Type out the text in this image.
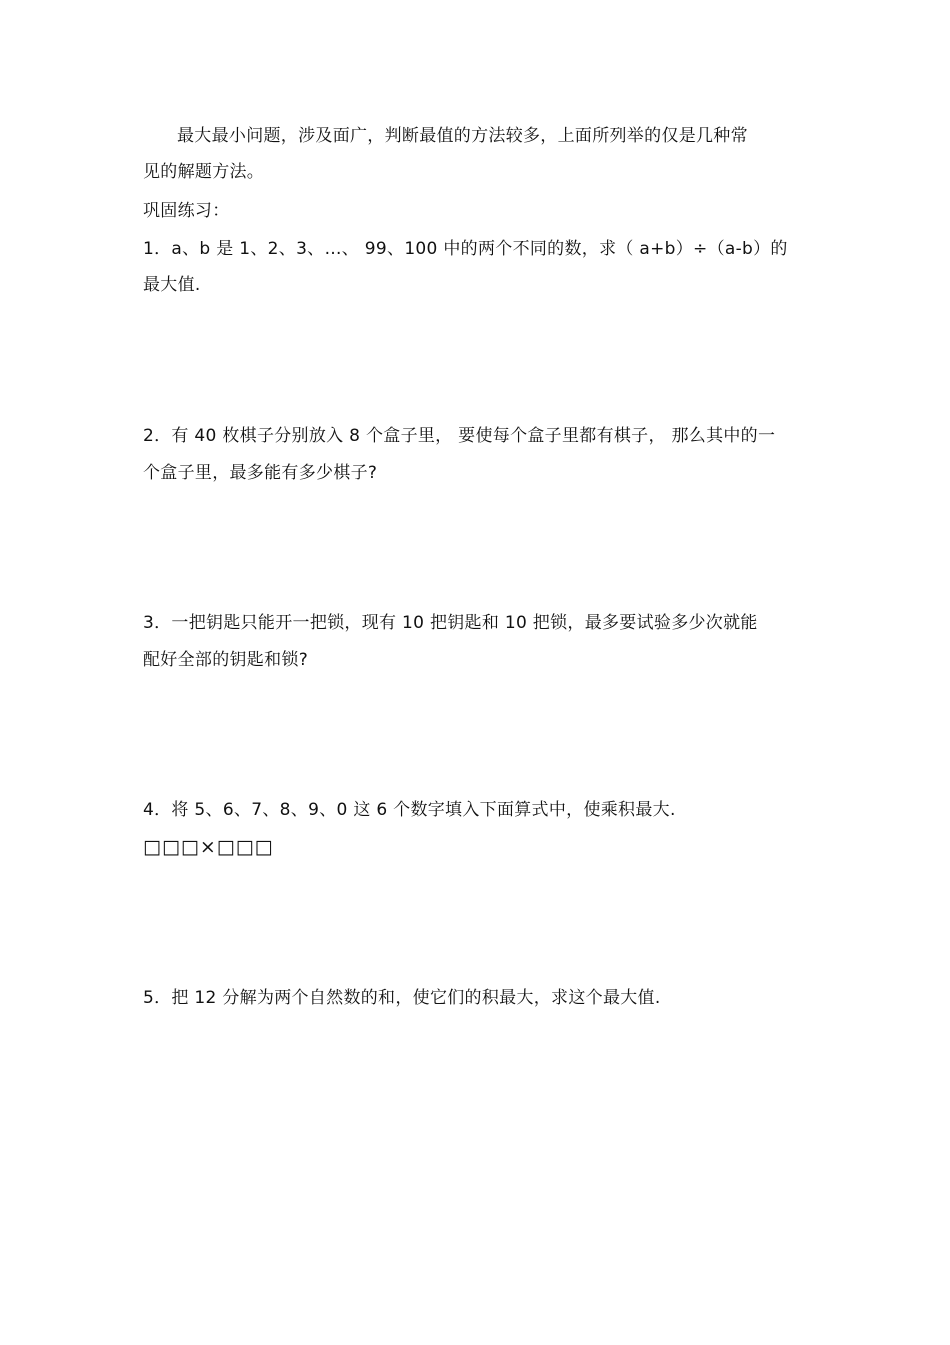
最大最小问题，涉及面广，判断最值的方法较多，上面所列举的仅是几种常
见的解题方法。
巩固练习：
1．a、b 是 1、2、3、…、 99、100 中的两个不同的数，求（ a+b）÷（a-b）的
最大值.
2．有 40 枚棋子分别放入 8 个盒子里， 要使每个盒子里都有棋子， 那么其中的一
个盒子里，最多能有多少棋子?
3．一把钥匙只能开一把锁，现有 10 把钥匙和 10 把锁，最多要试验多少次就能
配好全部的钥匙和锁?
4．将 5、6、7、8、9、0 这 6 个数字填入下面算式中，使乘积最大.
□□□×□□□
5．把 12 分解为两个自然数的和，使它们的积最大，求这个最大值.
